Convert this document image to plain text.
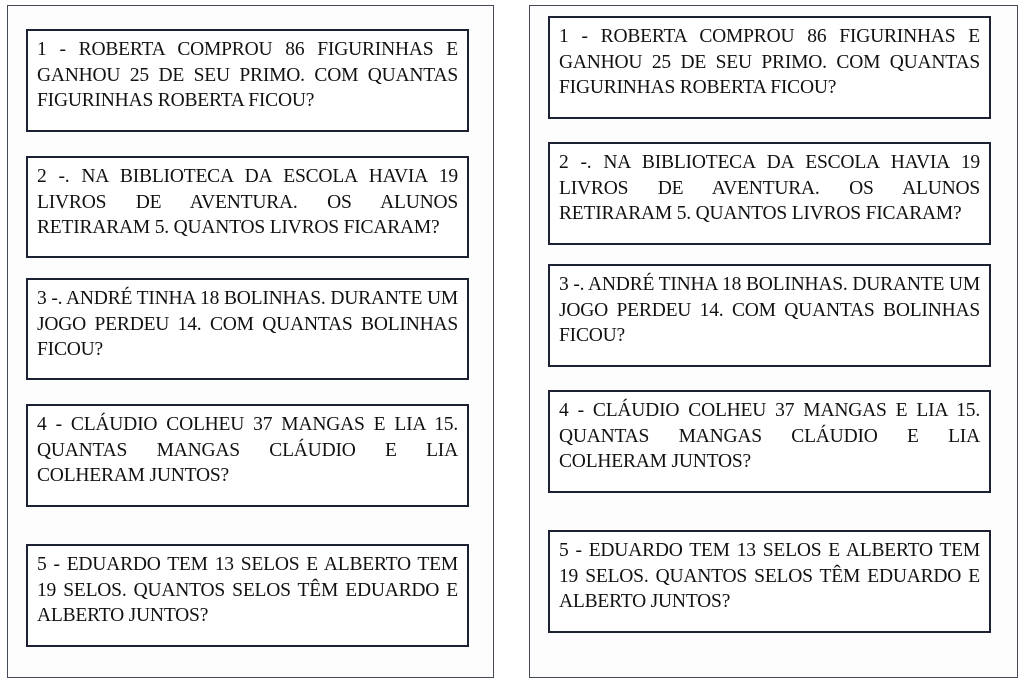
1 - ROBERTA COMPROU 86 FIGURINHAS E GANHOU 25 DE SEU PRIMO. COM QUANTAS FIGURINHAS ROBERTA FICOU?

2 -. NA BIBLIOTECA DA ESCOLA HAVIA 19 LIVROS DE AVENTURA. OS ALUNOS RETIRARAM 5. QUANTOS LIVROS FICARAM?

3 -. ANDRÉ TINHA 18 BOLINHAS. DURANTE UM JOGO PERDEU 14. COM QUANTAS BOLINHAS FICOU?

4 - CLÁUDIO COLHEU 37 MANGAS E LIA 15. QUANTAS MANGAS CLÁUDIO E LIA COLHERAM JUNTOS?

5 - EDUARDO TEM 13 SELOS E ALBERTO TEM 19 SELOS. QUANTOS SELOS TÊM EDUARDO E ALBERTO JUNTOS?

1 - ROBERTA COMPROU 86 FIGURINHAS E GANHOU 25 DE SEU PRIMO. COM QUANTAS FIGURINHAS ROBERTA FICOU?

2 -. NA BIBLIOTECA DA ESCOLA HAVIA 19 LIVROS DE AVENTURA. OS ALUNOS RETIRARAM 5. QUANTOS LIVROS FICARAM?

3 -. ANDRÉ TINHA 18 BOLINHAS. DURANTE UM JOGO PERDEU 14. COM QUANTAS BOLINHAS FICOU?

4 - CLÁUDIO COLHEU 37 MANGAS E LIA 15. QUANTAS MANGAS CLÁUDIO E LIA COLHERAM JUNTOS?

5 - EDUARDO TEM 13 SELOS E ALBERTO TEM 19 SELOS. QUANTOS SELOS TÊM EDUARDO E ALBERTO JUNTOS?
